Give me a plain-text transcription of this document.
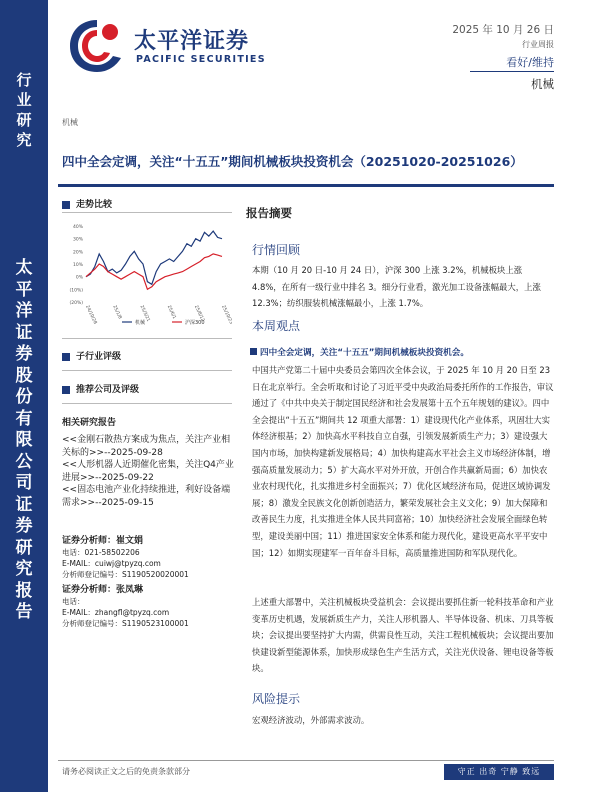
行业研究
太平洋证券股份有限公司证券研究报告
太平洋证券
PACIFIC SECURITIES
2025 年 10 月 26 日
行业周报
看好/维持
机械
机械
四中全会定调，关注“十五五”期间机械板块投资机会（20251020-20251026）
走势比较
40%
30%
20%
10%
0%
(10%)
(20%)
24/10/28	25/1/8	25/3/21	25/6/1	25/8/12	25/10/23
机械	沪深300
子行业评级
推荐公司及评级
相关研究报告
<<金刚石散热方案成为焦点，关注产业相关标的>>--2025-09-28
<<人形机器人近期催化密集，关注Q4产业进展>>--2025-09-22
<<固态电池产业化持续推进，利好设备端需求>>--2025-09-15
证券分析师：崔文娟
电话：021-58502206
E-MAIL：cuiwj@tpyzq.com
分析师登记编号：S1190520020001
证券分析师：张凤琳
电话：
E-MAIL：zhangfl@tpyzq.com
分析师登记编号：S1190523100001
报告摘要
行情回顾
本期（10 月 20 日-10 月 24 日），沪深 300 上涨 3.2%，机械板块上涨 4.8%，在所有一级行业中排名 3。细分行业看，激光加工设备涨幅最大，上涨 12.3%；纺织服装机械涨幅最小，上涨 1.7%。
本周观点
四中全会定调，关注“十五五”期间机械板块投资机会。
中国共产党第二十届中央委员会第四次全体会议，于 2025 年 10 月 20 日至 23 日在北京举行。全会听取和讨论了习近平受中央政治局委托所作的工作报告，审议通过了《中共中央关于制定国民经济和社会发展第十五个五年规划的建议》。四中全会提出“十五五”期间共 12 项重大部署：1）建设现代化产业体系，巩固壮大实体经济根基；2）加快高水平科技自立自强，引领发展新质生产力；3）建设强大国内市场，加快构建新发展格局；4）加快构建高水平社会主义市场经济体制，增强高质量发展动力；5）扩大高水平对外开放，开创合作共赢新局面；6）加快农业农村现代化，扎实推进乡村全面振兴；7）优化区域经济布局，促进区域协调发展；8）激发全民族文化创新创造活力，繁荣发展社会主义文化；9）加大保障和改善民生力度，扎实推进全体人民共同富裕；10）加快经济社会发展全面绿色转型，建设美丽中国；11）推进国家安全体系和能力现代化，建设更高水平平安中国；12）如期实现建军一百年奋斗目标，高质量推进国防和军队现代化。
上述重大部署中，关注机械板块受益机会：会议提出要抓住新一轮科技革命和产业变革历史机遇，发展新质生产力，关注人形机器人、半导体设备、机床、刀具等板块；会议提出要坚持扩大内需，供需良性互动，关注工程机械板块；会议提出要加快建设新型能源体系，加快形成绿色生产生活方式，关注光伏设备、锂电设备等板块。
风险提示
宏观经济波动，外部需求波动。
请务必阅读正文之后的免责条款部分	守正 出奇 宁静 致远
